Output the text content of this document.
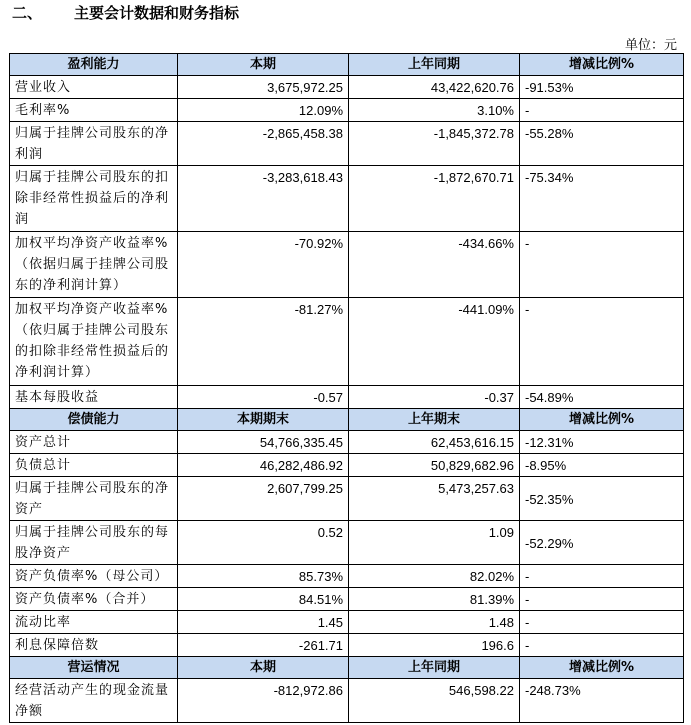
二、 主要会计数据和财务指标
单位：元
盈利能力	本期	上年同期	增减比例%
营业收入	3,675,972.25	43,422,620.76	-91.53%
毛利率%	12.09%	3.10%	-
归属于挂牌公司股东的净利润	-2,865,458.38	-1,845,372.78	-55.28%
归属于挂牌公司股东的扣除非经常性损益后的净利润	-3,283,618.43	-1,872,670.71	-75.34%
加权平均净资产收益率%（依据归属于挂牌公司股东的净利润计算）	-70.92%	-434.66%	-
加权平均净资产收益率%（依归属于挂牌公司股东的扣除非经常性损益后的净利润计算）	-81.27%	-441.09%	-
基本每股收益	-0.57	-0.37	-54.89%
偿债能力	本期期末	上年期末	增减比例%
资产总计	54,766,335.45	62,453,616.15	-12.31%
负债总计	46,282,486.92	50,829,682.96	-8.95%
归属于挂牌公司股东的净资产	2,607,799.25	5,473,257.63	-52.35%
归属于挂牌公司股东的每股净资产	0.52	1.09	-52.29%
资产负债率%（母公司）	85.73%	82.02%	-
资产负债率%（合并）	84.51%	81.39%	-
流动比率	1.45	1.48	-
利息保障倍数	-261.71	196.6	-
营运情况	本期	上年同期	增减比例%
经营活动产生的现金流量净额	-812,972.86	546,598.22	-248.73%
